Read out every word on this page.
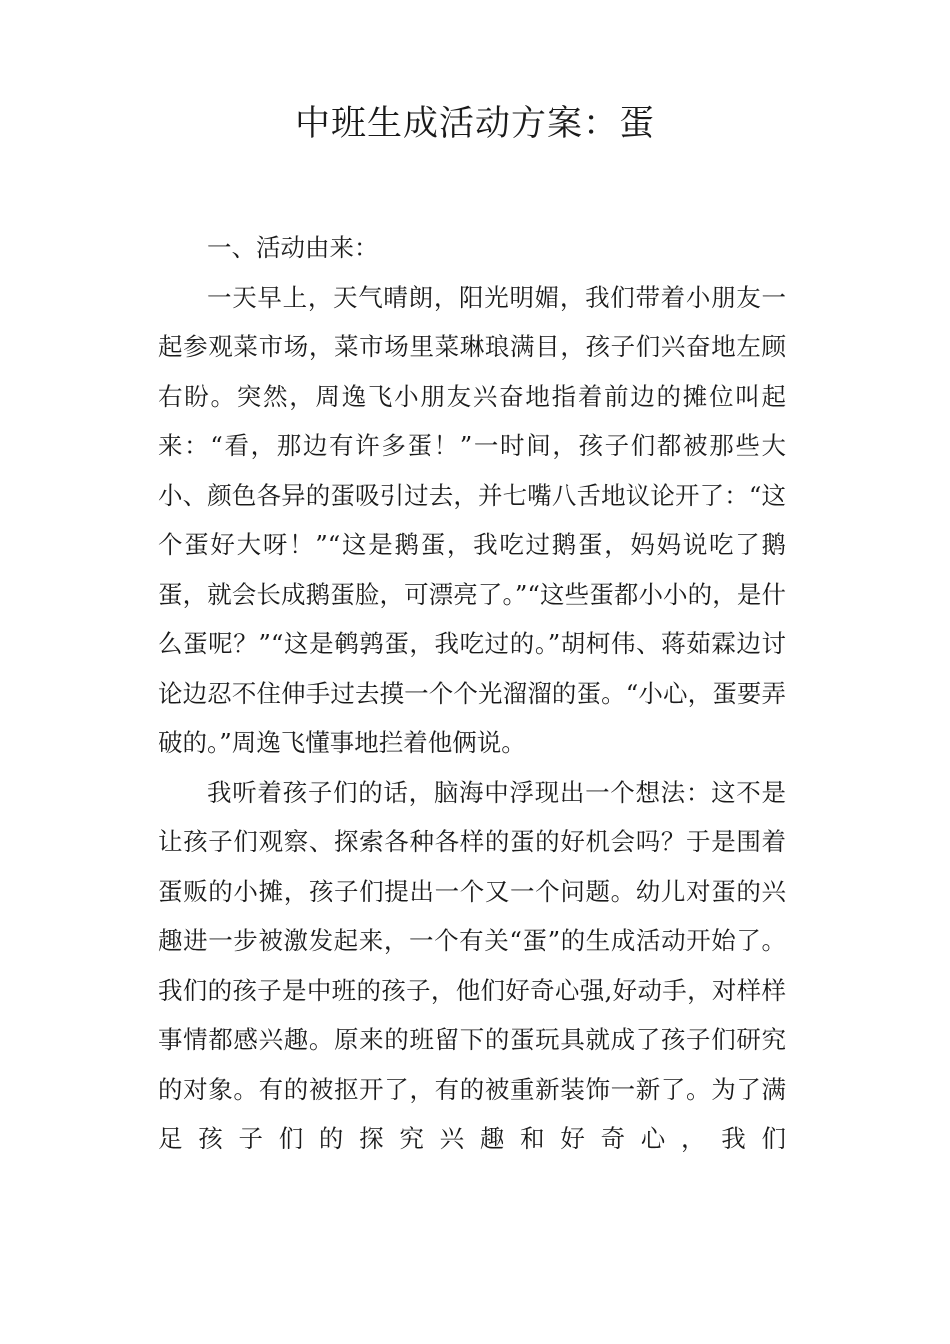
中班生成活动方案：蛋

一、活动由来：

一天早上，天气晴朗，阳光明媚，我们带着小朋友一起参观菜市场，菜市场里菜琳琅满目，孩子们兴奋地左顾右盼。突然，周逸飞小朋友兴奋地指着前边的摊位叫起来：“看，那边有许多蛋！”一时间，孩子们都被那些大小、颜色各异的蛋吸引过去，并七嘴八舌地议论开了：“这个蛋好大呀！”“这是鹅蛋，我吃过鹅蛋，妈妈说吃了鹅蛋，就会长成鹅蛋脸，可漂亮了。”“这些蛋都小小的，是什么蛋呢？”“这是鹌鹑蛋，我吃过的。”胡柯伟、蒋茹霖边讨论边忍不住伸手过去摸一个个光溜溜的蛋。“小心，蛋要弄破的。”周逸飞懂事地拦着他俩说。

我听着孩子们的话，脑海中浮现出一个想法：这不是让孩子们观察、探索各种各样的蛋的好机会吗？于是围着蛋贩的小摊，孩子们提出一个又一个问题。幼儿对蛋的兴趣进一步被激发起来，一个有关“蛋”的生成活动开始了。我们的孩子是中班的孩子，他们好奇心强,好动手，对样样事情都感兴趣。原来的班留下的蛋玩具就成了孩子们研究的对象。有的被抠开了，有的被重新装饰一新了。为了满足孩子们的探究兴趣和好奇心，我们
